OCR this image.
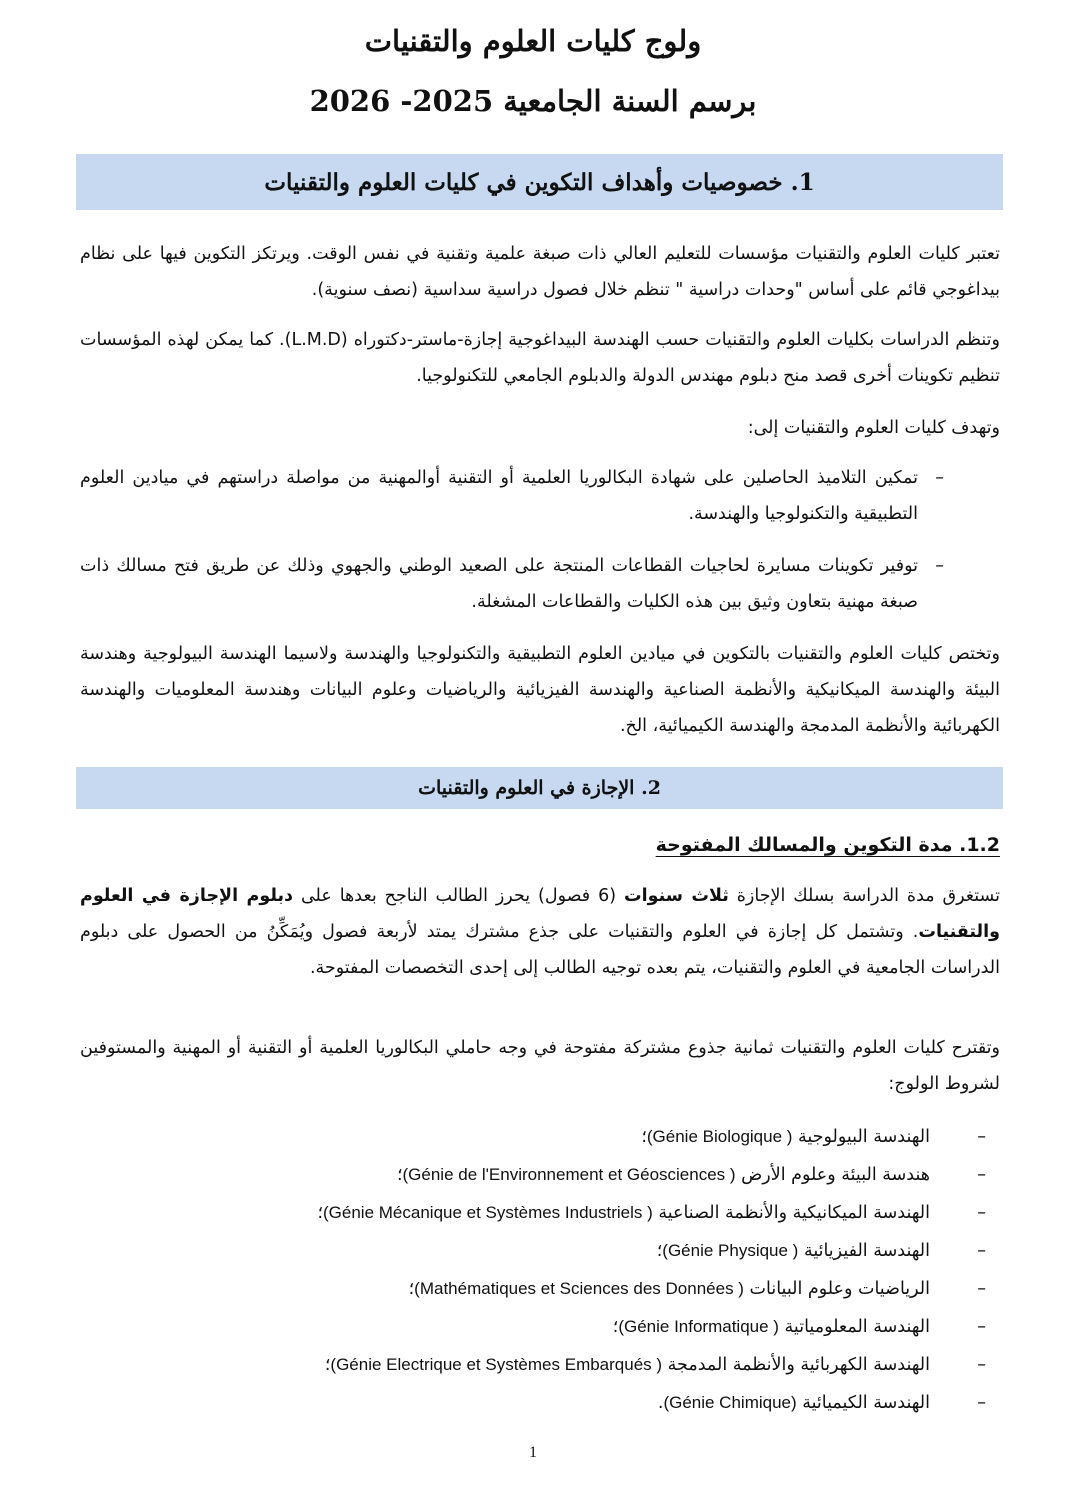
ولوج كليات العلوم والتقنيات
برسم السنة الجامعية 2025- 2026
1. خصوصيات وأهداف التكوين في كليات العلوم والتقنيات

تعتبر كليات العلوم والتقنيات مؤسسات للتعليم العالي ذات صبغة علمية وتقنية في نفس الوقت. ويرتكز التكوين فيها على نظام بيداغوجي قائم على أساس "وحدات دراسية " تنظم خلال فصول دراسية سداسية (نصف سنوية).

وتنظم الدراسات بكليات العلوم والتقنيات حسب الهندسة البيداغوجية إجازة-ماستر-دكتوراه (L.M.D). كما يمكن لهذه المؤسسات تنظيم تكوينات أخرى قصد منح دبلوم مهندس الدولة والدبلوم الجامعي للتكنولوجيا.

وتهدف كليات العلوم والتقنيات إلى:

–
تمكين التلاميذ الحاصلين على شهادة البكالوريا العلمية أو التقنية أوالمهنية من مواصلة دراستهم في ميادين العلوم التطبيقية والتكنولوجيا والهندسة.

–
توفير تكوينات مسايرة لحاجيات القطاعات المنتجة على الصعيد الوطني والجهوي وذلك عن طريق فتح مسالك ذات صبغة مهنية بتعاون وثيق بين هذه الكليات والقطاعات المشغلة.

وتختص كليات العلوم والتقنيات بالتكوين في ميادين العلوم التطبيقية والتكنولوجيا والهندسة ولاسيما الهندسة البيولوجية وهندسة البيئة والهندسة الميكانيكية والأنظمة الصناعية والهندسة الفيزيائية والرياضيات وعلوم البيانات وهندسة المعلوميات والهندسة الكهربائية والأنظمة المدمجة والهندسة الكيميائية، الخ.

2. الإجازة في العلوم والتقنيات

1.2. مدة التكوين والمسالك المفتوحة

تستغرق مدة الدراسة بسلك الإجازة ثلاث سنوات (6 فصول) يحرز الطالب الناجح بعدها على دبلوم الإجازة في العلوم والتقنيات. وتشتمل كل إجازة في العلوم والتقنيات على جذع مشترك يمتد لأربعة فصول ويُمَكِّنُ من الحصول على دبلوم الدراسات الجامعية في العلوم والتقنيات، يتم بعده توجيه الطالب إلى إحدى التخصصات المفتوحة.

وتقترح كليات العلوم والتقنيات ثمانية جذوع مشتركة مفتوحة في وجه حاملي البكالوريا العلمية أو التقنية أو المهنية والمستوفين لشروط الولوج:

–
الهندسة البيولوجية (Génie Biologique )؛

–
هندسة البيئة وعلوم الأرض (Génie de l'Environnement et Géosciences )؛

–
الهندسة الميكانيكية والأنظمة الصناعية (Génie Mécanique et Systèmes Industriels )؛

–
الهندسة الفيزيائية (Génie Physique )؛

–
الرياضيات وعلوم البيانات (Mathématiques et Sciences des Données )؛

–
الهندسة المعلومياتية (Génie Informatique )؛

–
الهندسة الكهربائية والأنظمة المدمجة (Génie Electrique et Systèmes Embarqués )؛

–
الهندسة الكيميائية (Génie Chimique).

1
